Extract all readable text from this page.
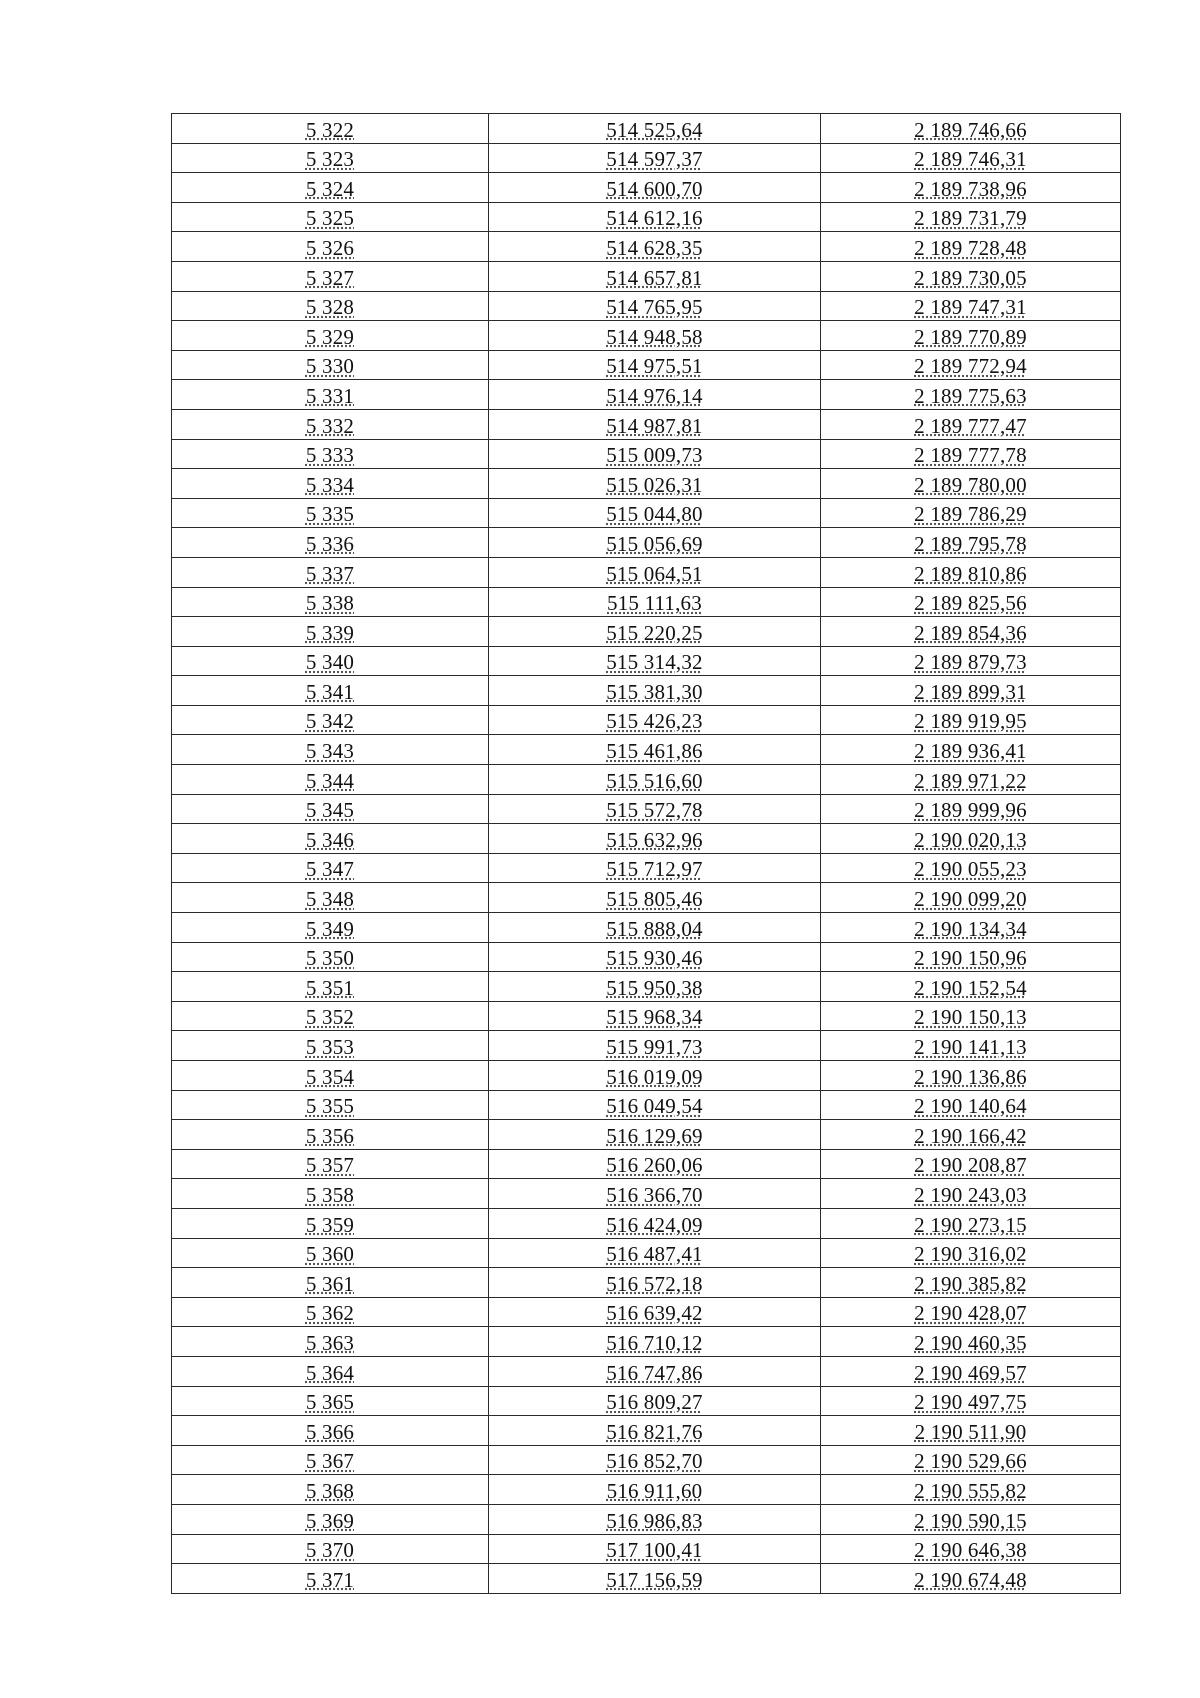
5 322	514 525,64	2 189 746,66
5 323	514 597,37	2 189 746,31
5 324	514 600,70	2 189 738,96
5 325	514 612,16	2 189 731,79
5 326	514 628,35	2 189 728,48
5 327	514 657,81	2 189 730,05
5 328	514 765,95	2 189 747,31
5 329	514 948,58	2 189 770,89
5 330	514 975,51	2 189 772,94
5 331	514 976,14	2 189 775,63
5 332	514 987,81	2 189 777,47
5 333	515 009,73	2 189 777,78
5 334	515 026,31	2 189 780,00
5 335	515 044,80	2 189 786,29
5 336	515 056,69	2 189 795,78
5 337	515 064,51	2 189 810,86
5 338	515 111,63	2 189 825,56
5 339	515 220,25	2 189 854,36
5 340	515 314,32	2 189 879,73
5 341	515 381,30	2 189 899,31
5 342	515 426,23	2 189 919,95
5 343	515 461,86	2 189 936,41
5 344	515 516,60	2 189 971,22
5 345	515 572,78	2 189 999,96
5 346	515 632,96	2 190 020,13
5 347	515 712,97	2 190 055,23
5 348	515 805,46	2 190 099,20
5 349	515 888,04	2 190 134,34
5 350	515 930,46	2 190 150,96
5 351	515 950,38	2 190 152,54
5 352	515 968,34	2 190 150,13
5 353	515 991,73	2 190 141,13
5 354	516 019,09	2 190 136,86
5 355	516 049,54	2 190 140,64
5 356	516 129,69	2 190 166,42
5 357	516 260,06	2 190 208,87
5 358	516 366,70	2 190 243,03
5 359	516 424,09	2 190 273,15
5 360	516 487,41	2 190 316,02
5 361	516 572,18	2 190 385,82
5 362	516 639,42	2 190 428,07
5 363	516 710,12	2 190 460,35
5 364	516 747,86	2 190 469,57
5 365	516 809,27	2 190 497,75
5 366	516 821,76	2 190 511,90
5 367	516 852,70	2 190 529,66
5 368	516 911,60	2 190 555,82
5 369	516 986,83	2 190 590,15
5 370	517 100,41	2 190 646,38
5 371	517 156,59	2 190 674,48
